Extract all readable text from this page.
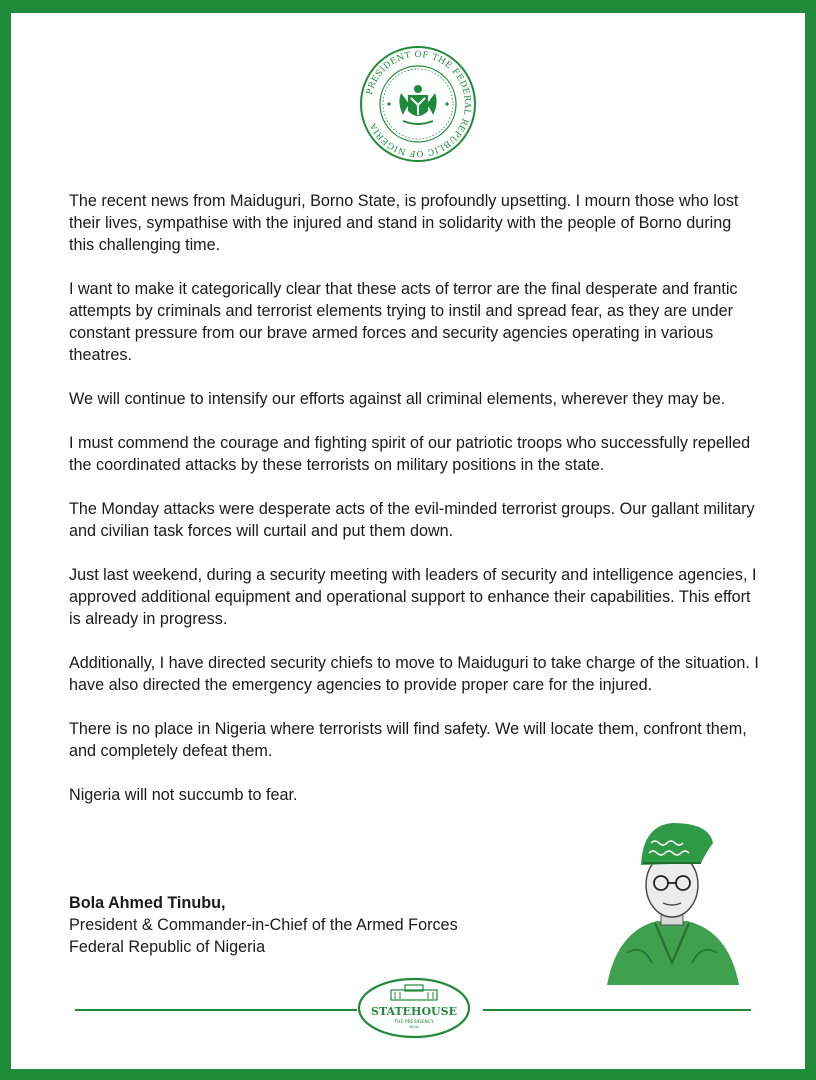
PRESIDENT OF THE FEDERAL REPUBLIC OF NIGERIA

The recent news from Maiduguri, Borno State, is profoundly upsetting. I mourn those who lost their lives, sympathise with the injured and stand in solidarity with the people of Borno during this challenging time.

I want to make it categorically clear that these acts of terror are the final desperate and frantic attempts by criminals and terrorist elements trying to instil and spread fear, as they are under constant pressure from our brave armed forces and security agencies operating in various theatres.

We will continue to intensify our efforts against all criminal elements, wherever they may be.

I must commend the courage and fighting spirit of our patriotic troops who successfully repelled the coordinated attacks by these terrorists on military positions in the state.

The Monday attacks were desperate acts of the evil-minded terrorist groups. Our gallant military and civilian task forces will curtail and put them down.

Just last weekend, during a security meeting with leaders of security and intelligence agencies, I approved additional equipment and operational support to enhance their capabilities. This effort is already in progress.

Additionally, I have directed security chiefs to move to Maiduguri to take charge of the situation. I have also directed the emergency agencies to provide proper care for the injured.

There is no place in Nigeria where terrorists will find safety. We will locate them, confront them, and completely defeat them.

Nigeria will not succumb to fear.

Bola Ahmed Tinubu,
President & Commander-in-Chief of the Armed Forces
Federal Republic of Nigeria
STATEHOUSE
THE PRESIDENCY
ABUJA
